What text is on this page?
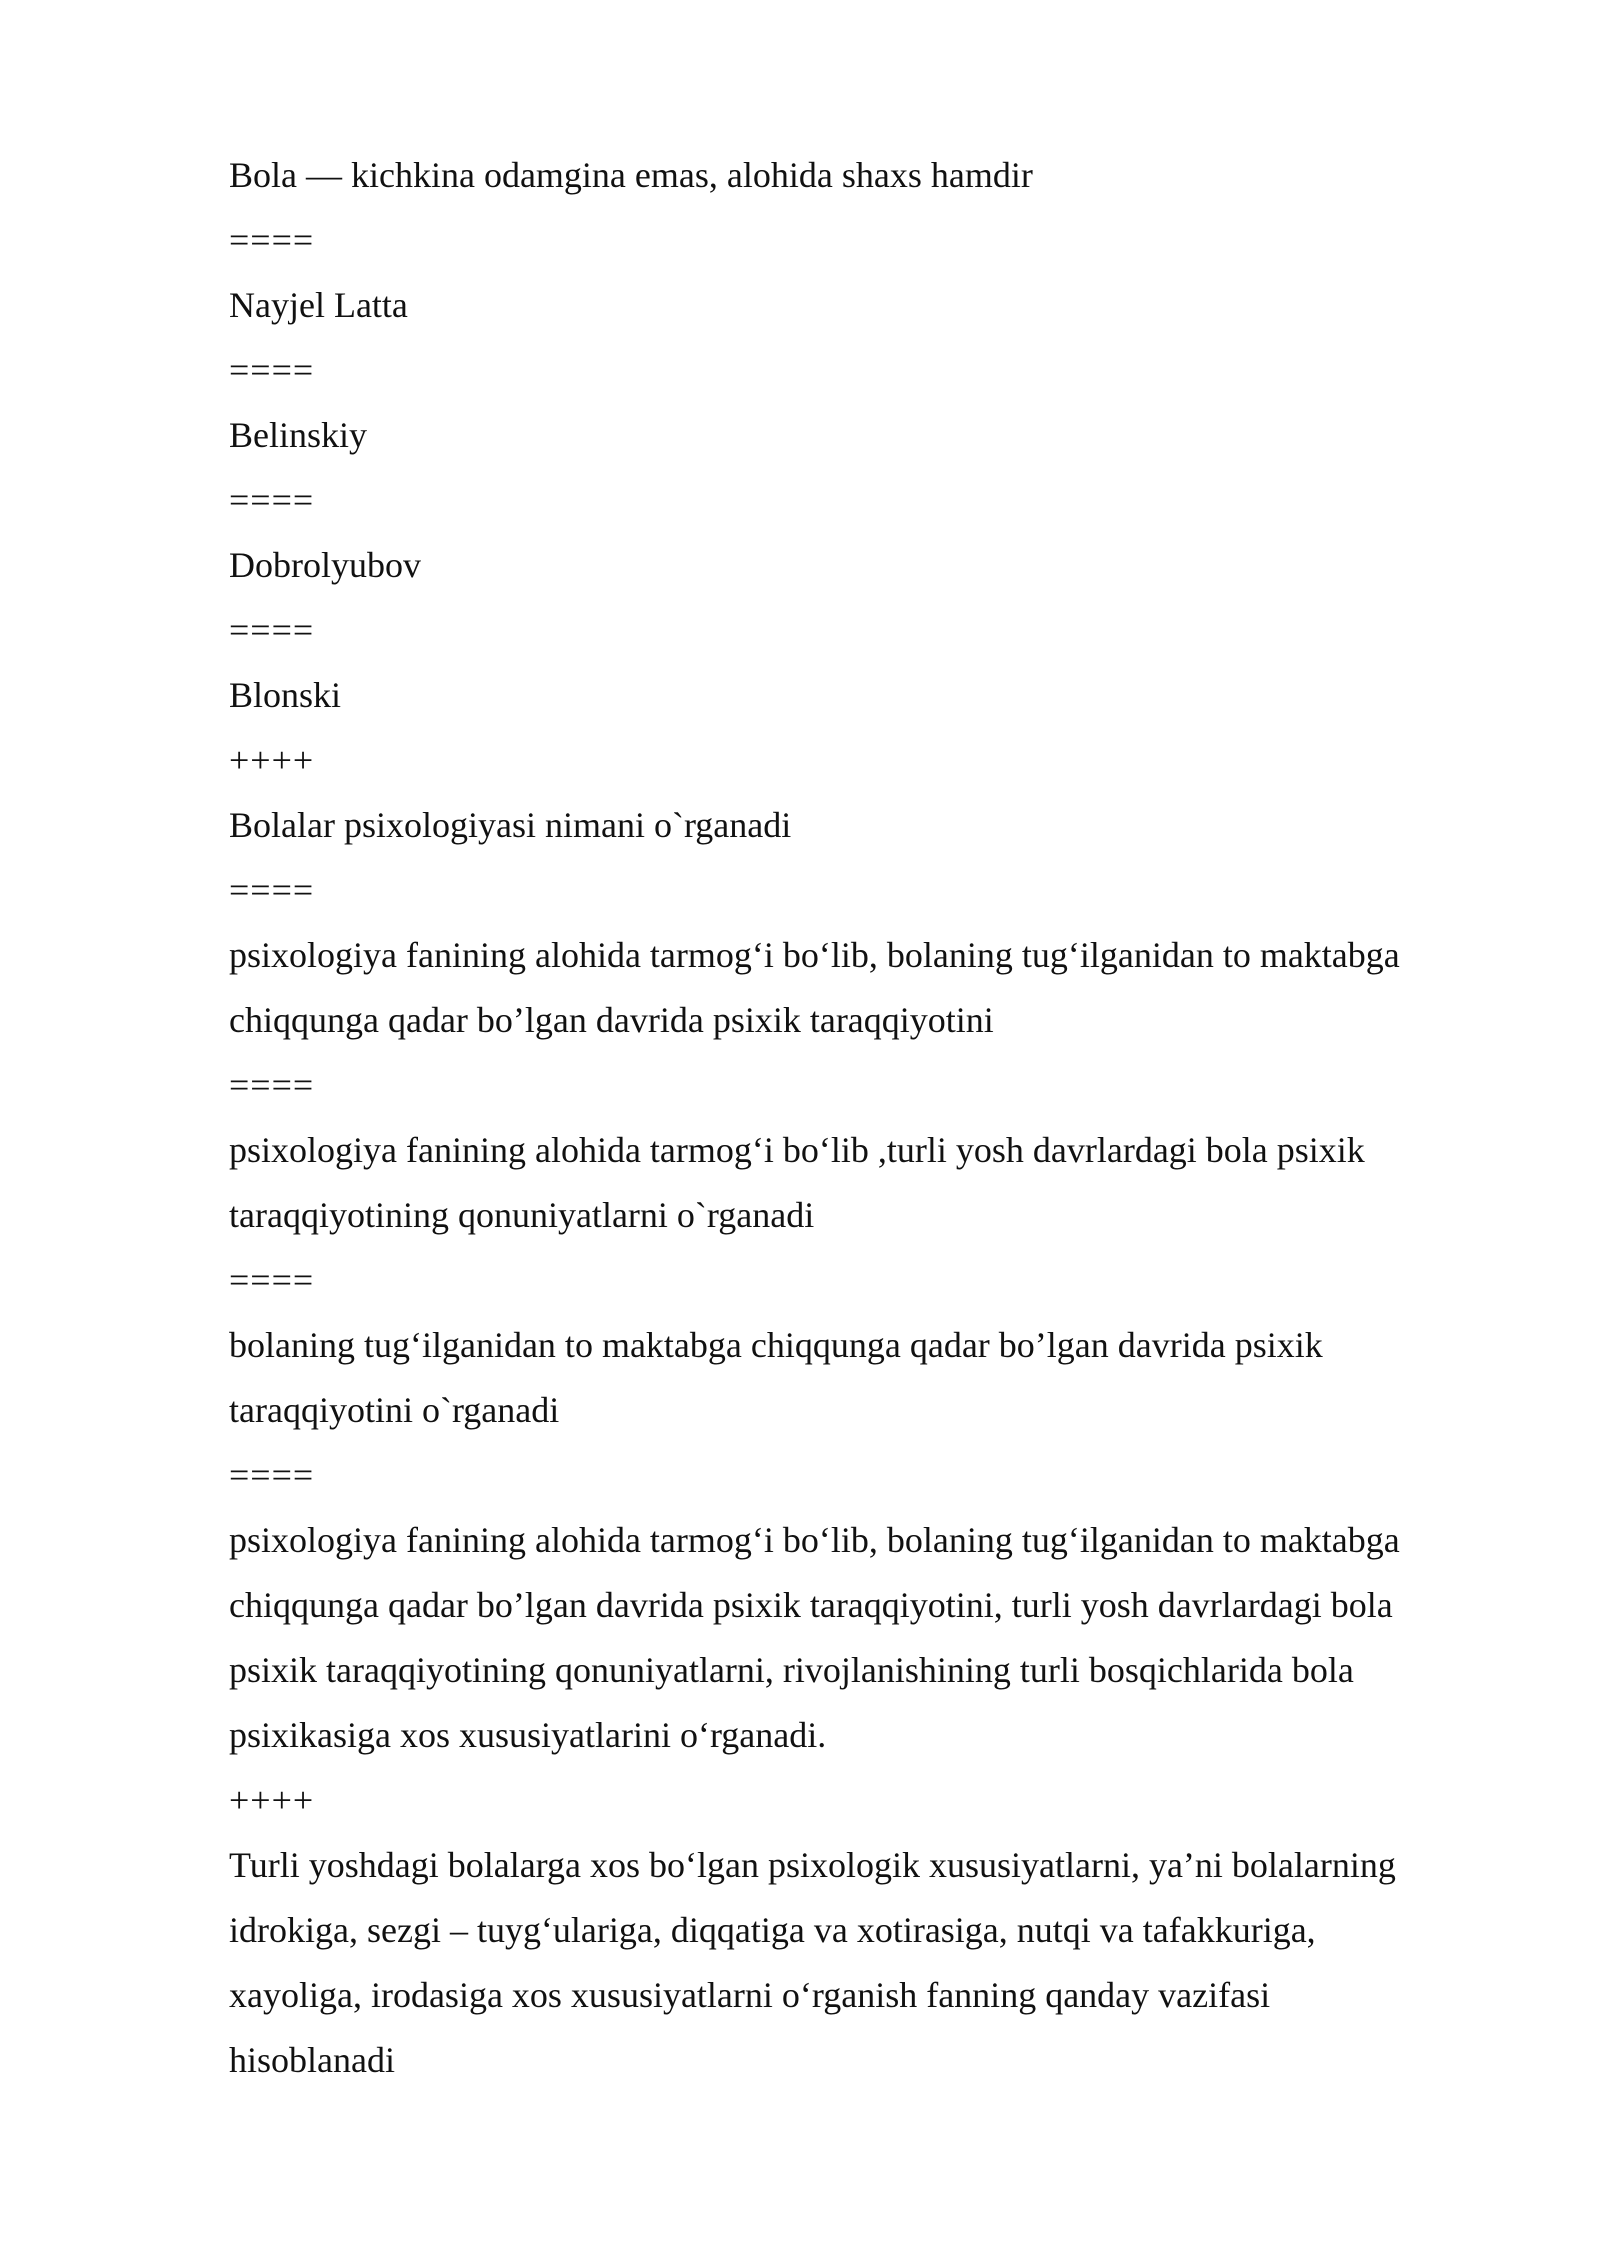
Bola — kichkina odamgina emas, alohida shaxs hamdir

====

Nayjel Latta

====

Belinskiy

====

Dobrolyubov

====

Blonski

++++

Bolalar psixologiyasi nimani o`rganadi

====

psixologiya fanining alohida tarmog‘i bo‘lib, bolaning tug‘ilganidan to maktabga

chiqqunga qadar bo’lgan davrida psixik taraqqiyotini

====

psixologiya fanining alohida tarmog‘i bo‘lib ,turli yosh davrlardagi bola psixik

taraqqiyotining qonuniyatlarni o`rganadi

====

bolaning tug‘ilganidan to maktabga chiqqunga qadar bo’lgan davrida psixik

taraqqiyotini o`rganadi

====

psixologiya fanining alohida tarmog‘i bo‘lib, bolaning tug‘ilganidan to maktabga

chiqqunga qadar bo’lgan davrida psixik taraqqiyotini, turli yosh davrlardagi bola

psixik taraqqiyotining qonuniyatlarni, rivojlanishining turli bosqichlarida bola

psixikasiga xos xususiyatlarini o‘rganadi.

++++

Turli yoshdagi bolalarga xos bo‘lgan psixologik xususiyatlarni, ya’ni bolalarning

idrokiga, sezgi – tuyg‘ulariga, diqqatiga va xotirasiga, nutqi va tafakkuriga,

xayoliga, irodasiga xos xususiyatlarni o‘rganish fanning qanday vazifasi

hisoblanadi
